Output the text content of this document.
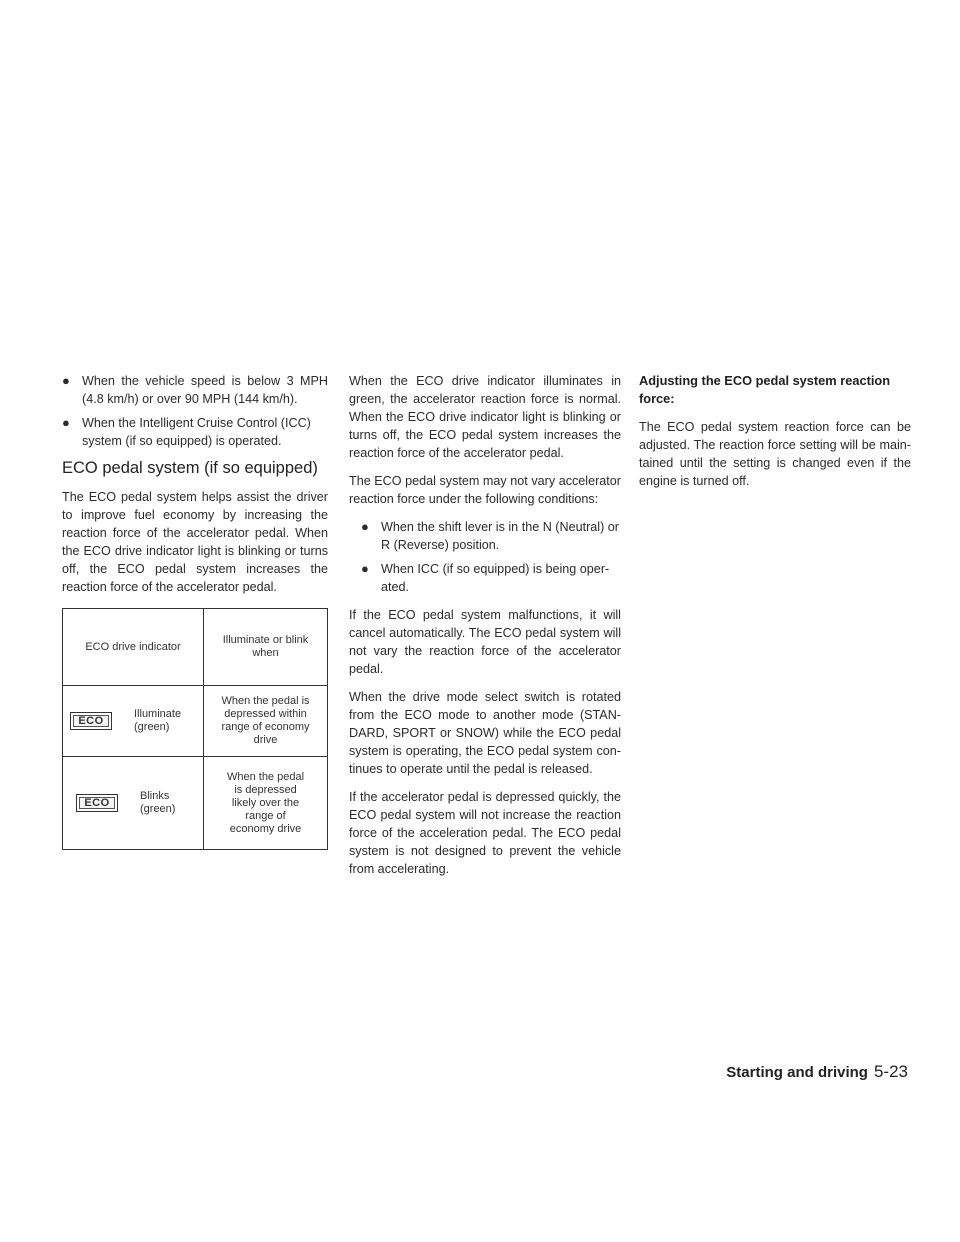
● When the vehicle speed is below 3 MPH (4.8 km/h) or over 90 MPH (144 km/h).
● When the Intelligent Cruise Control (ICC) system (if so equipped) is operated.
ECO pedal system (if so equipped)

The ECO pedal system helps assist the driver to improve fuel economy by increasing the reaction force of the accelerator pedal. When the ECO drive indicator light is blinking or turns off, the ECO pedal system increases the reaction force of the accelerator pedal.

ECO drive indicator	Illuminate or blink when

ECO
Illuminate (green)	When the pedal is depressed within range of economy drive

ECO
Blinks (green)	When the pedal is depressed likely over the range of economy drive

When the ECO drive indicator illuminates in green, the accelerator reaction force is normal. When the ECO drive indicator light is blinking or turns off, the ECO pedal system increases the reaction force of the accelerator pedal.

The ECO pedal system may not vary accelerator reaction force under the following conditions:

● When the shift lever is in the N (Neutral) or R (Reverse) position.
● When ICC (if so equipped) is being oper-ated.

If the ECO pedal system malfunctions, it will cancel automatically. The ECO pedal system will not vary the reaction force of the accelerator pedal.

When the drive mode select switch is rotated from the ECO mode to another mode (STAN-DARD, SPORT or SNOW) while the ECO pedal system is operating, the ECO pedal system con-tinues to operate until the pedal is released.

If the accelerator pedal is depressed quickly, the ECO pedal system will not increase the reaction force of the acceleration pedal. The ECO pedal system is not designed to prevent the vehicle from accelerating.

Adjusting the ECO pedal system reaction force:

The ECO pedal system reaction force can be adjusted. The reaction force setting will be main-tained until the setting is changed even if the engine is turned off.

Starting and driving 5-23
